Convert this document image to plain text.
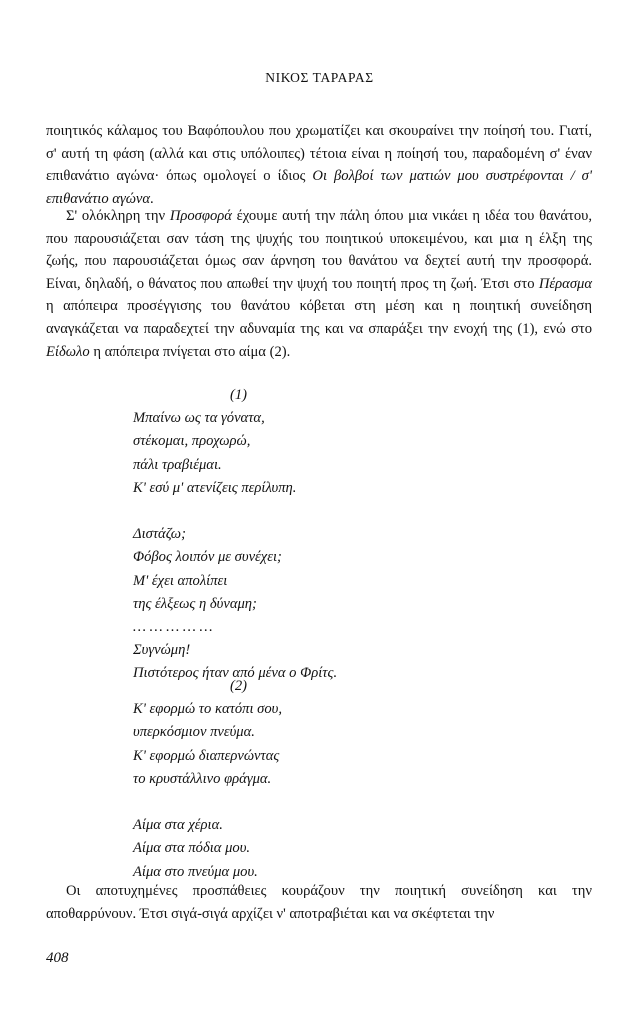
ΝΙΚΟΣ ΤΑΡΑΡΑΣ

ποιητικός κάλαμος του Βαφόπουλου που χρωματίζει και σκουραίνει την ποίησή του. Γιατί, σ' αυτή τη φάση (αλλά και στις υπόλοιπες) τέτοια είναι η ποίησή του, παραδομένη σ' έναν επιθανάτιο αγώνα· όπως ομολογεί ο ίδιος Οι βολβοί των ματιών μου συστρέφονται / σ' επιθανάτιο αγώνα.

Σ' ολόκληρη την Προσφορά έχουμε αυτή την πάλη όπου μια νικάει η ιδέα του θανάτου, που παρουσιάζεται σαν τάση της ψυχής του ποιητικού υποκειμένου, και μια η έλξη της ζωής, που παρουσιάζεται όμως σαν άρνηση του θανάτου να δεχτεί αυτή την προσφορά. Είναι, δηλαδή, ο θάνατος που απωθεί την ψυχή του ποιητή προς τη ζωή. Έτσι στο Πέρασμα η απόπειρα προσέγγισης του θανάτου κόβεται στη μέση και η ποιητική συνείδηση αναγκάζεται να παραδεχτεί την αδυναμία της και να σπαράξει την ενοχή της (1), ενώ στο Είδωλο η απόπειρα πνίγεται στο αίμα (2).

(1)
Μπαίνω ως τα γόνατα,
στέκομαι, προχωρώ,
πάλι τραβιέμαι.
Κ' εσύ μ' ατενίζεις περίλυπη.
Διστάζω;
Φόβος λοιπόν με συνέχει;
Μ' έχει απολίπει
της έλξεως η δύναμη;
… … … … …
Συγνώμη!
Πιστότερος ήταν από μένα ο Φρίτς.
(2)
Κ' εφορμώ το κατόπι σου,
υπερκόσμιον πνεύμα.
Κ' εφορμώ διαπερνώντας
το κρυστάλλινο φράγμα.
Αίμα στα χέρια.
Αίμα στα πόδια μου.
Αίμα στο πνεύμα μου.

Οι αποτυχημένες προσπάθειες κουράζουν την ποιητική συνείδηση και την αποθαρρύνουν. Έτσι σιγά-σιγά αρχίζει ν' αποτραβιέται και να σκέφτεται την

408
